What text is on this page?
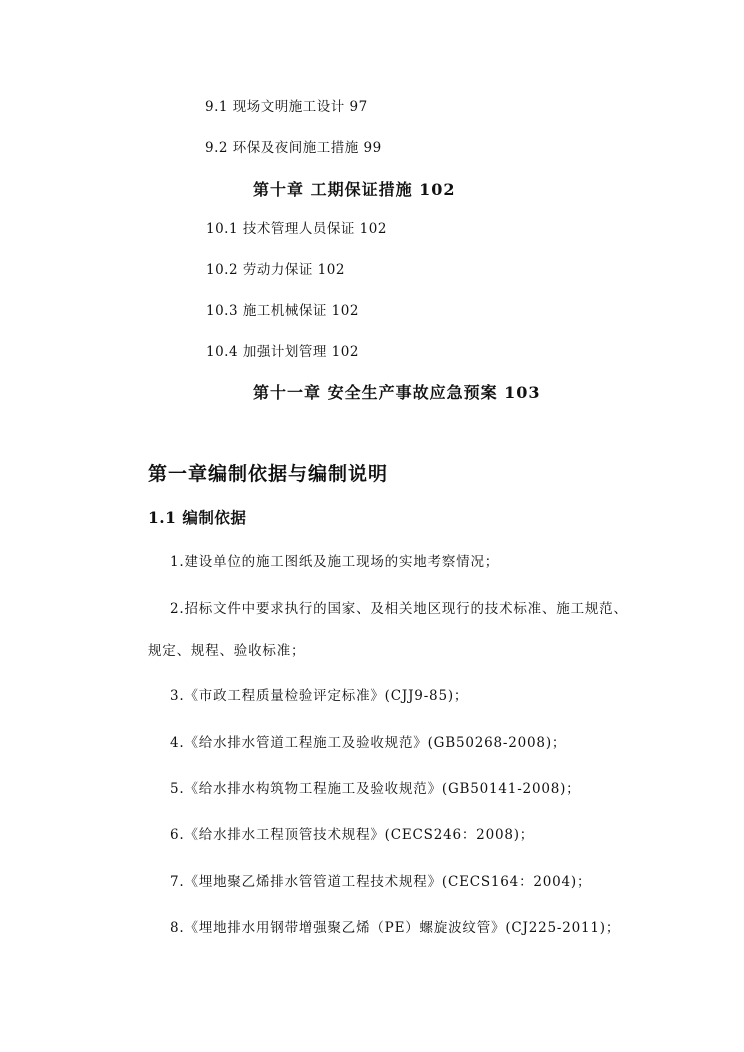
9.1 现场文明施工设计 97
9.2 环保及夜间施工措施 99
第十章 工期保证措施 102
10.1 技术管理人员保证 102
10.2 劳动力保证 102
10.3 施工机械保证 102
10.4 加强计划管理 102
第十一章 安全生产事故应急预案 103
第一章编制依据与编制说明
1.1 编制依据
1.建设单位的施工图纸及施工现场的实地考察情况；
2.招标文件中要求执行的国家、及相关地区现行的技术标准、施工规范、
规定、规程、验收标准；
3.《市政工程质量检验评定标准》(CJJ9-85)；
4.《给水排水管道工程施工及验收规范》(GB50268-2008)；
5.《给水排水构筑物工程施工及验收规范》(GB50141-2008)；
6.《给水排水工程顶管技术规程》(CECS246：2008)；
7.《埋地聚乙烯排水管管道工程技术规程》(CECS164：2004)；
8.《埋地排水用钢带增强聚乙烯（PE）螺旋波纹管》(CJ225-2011)；
